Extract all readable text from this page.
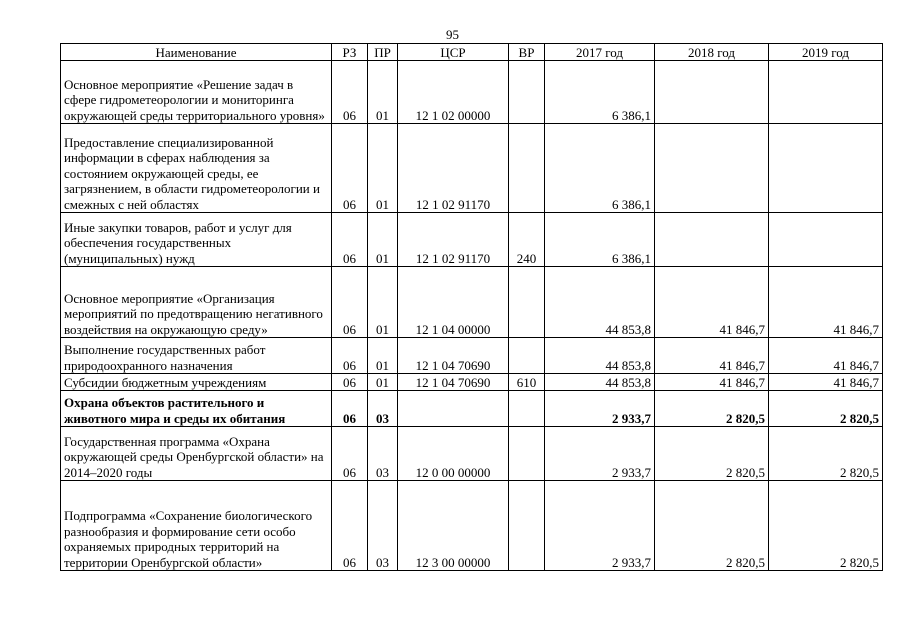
95
Наименование	РЗ	ПР	ЦСР	ВР	2017 год	2018 год	2019 год
Основное мероприятие «Решение задач в сфере гидрометеорологии и мониторинга окружающей среды территориального уровня»	06	01	12 1 02 00000		6 386,1		
Предоставление специализированной информации в сферах наблюдения за состоянием окружающей среды, ее загрязнением, в области гидрометеорологии и смежных с ней областях	06	01	12 1 02 91170		6 386,1		
Иные закупки товаров, работ и услуг для обеспечения государственных (муниципальных) нужд	06	01	12 1 02 91170	240	6 386,1		
Основное мероприятие «Организация мероприятий по предотвращению негативного воздействия на окружающую среду»	06	01	12 1 04 00000		44 853,8	41 846,7	41 846,7
Выполнение государственных работ природоохранного назначения	06	01	12 1 04 70690		44 853,8	41 846,7	41 846,7
Субсидии бюджетным учреждениям	06	01	12 1 04 70690	610	44 853,8	41 846,7	41 846,7
Охрана объектов растительного и животного мира и среды их обитания	06	03			2 933,7	2 820,5	2 820,5
Государственная программа «Охрана окружающей среды Оренбургской области» на 2014–2020 годы	06	03	12 0 00 00000		2 933,7	2 820,5	2 820,5
Подпрограмма «Сохранение биологического разнообразия и формирование сети особо охраняемых природных территорий на территории Оренбургской области»	06	03	12 3 00 00000		2 933,7	2 820,5	2 820,5
